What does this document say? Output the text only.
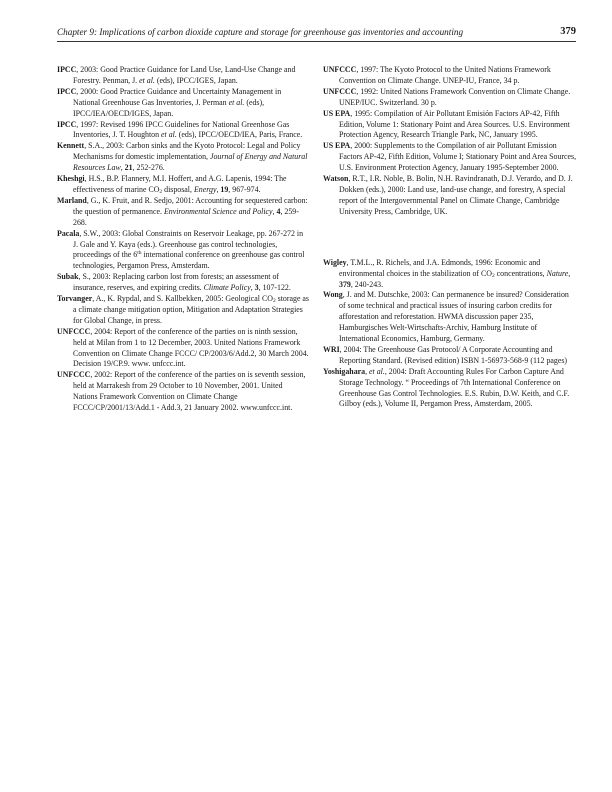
Chapter 9: Implications of carbon dioxide capture and storage for greenhouse gas inventories and accounting	379

IPCC, 2003: Good Practice Guidance for Land Use, Land-Use Change and Forestry. Penman, J. et al. (eds), IPCC/IGES, Japan.

IPCC, 2000: Good Practice Guidance and Uncertainty Management in National Greenhouse Gas Inventories, J. Perman et al. (eds), IPCC/IEA/OECD/IGES, Japan.

IPCC, 1997: Revised 1996 IPCC Guidelines for National Greenhose Gas Inventories, J. T. Houghton et al. (eds), IPCC/OECD/IEA, Paris, France.

Kennett, S.A., 2003: Carbon sinks and the Kyoto Protocol: Legal and Policy Mechanisms for domestic implementation, Journal of Energy and Natural Resources Law, 21, 252-276.

Kheshgi, H.S., B.P. Flannery, M.I. Hoffert, and A.G. Lapenis, 1994: The effectiveness of marine $CO_2$ disposal, Energy, 19, 967-974.

Marland, G., K. Fruit, and R. Sedjo, 2001: Accounting for sequestered carbon: the question of permanence. Environmental Science and Policy, 4, 259-268.

Pacala, S.W., 2003: Global Constraints on Reservoir Leakage, pp. 267-272 in J. Gale and Y. Kaya (eds.). Greenhouse gas control technologies, proceedings of the 6th international conference on greenhouse gas control technologies, Pergamon Press, Amsterdam.

Subak, S., 2003: Replacing carbon lost from forests; an assessment of insurance, reserves, and expiring credits. Climate Policy, 3, 107-122.

Torvanger, A., K. Rypdal, and S. Kallbekken, 2005: Geological $CO_2$ storage as a climate change mitigation option, Mitigation and Adaptation Strategies for Global Change, in press.

UNFCCC, 2004: Report of the conference of the parties on is ninth session, held at Milan from 1 to 12 December, 2003. United Nations Framework Convention on Climate Change FCCC/ CP/2003/6/Add.2, 30 March 2004. Decision 19/CP.9. www. unfccc.int.

UNFCCC, 2002: Report of the conference of the parties on is seventh session, held at Marrakesh from 29 October to 10 November, 2001. United Nations Framework Convention on Climate Change FCCC/CP/2001/13/Add.1 - Add.3, 21 January 2002. www.unfccc.int.

UNFCCC, 1997: The Kyoto Protocol to the United Nations Framework Convention on Climate Change. UNEP-IU, France, 34 p.

UNFCCC, 1992: United Nations Framework Convention on Climate Change. UNEP/IUC. Switzerland. 30 p.

US EPA, 1995: Compilation of Air Pollutant Emisión Factors AP-42, Fifth Edition, Volume 1: Stationary Point and Area Sources. U.S. Environment Protection Agency, Research Triangle Park, NC, January 1995.

US EPA, 2000: Supplements to the Compilation of air Pollutant Emission Factors AP-42, Fifth Edition, Volume I; Stationary Point and Area Sources, U.S. Environment Protection Agency, January 1995-September 2000.

Watson, R.T., I.R. Noble, B. Bolin, N.H. Ravindranath, D.J. Verardo, and D. J. Dokken (eds.), 2000: Land use, land-use change, and forestry, A special report of the Intergovernmental Panel on Climate Change, Cambridge University Press, Cambridge, UK.

Wigley, T.M.L., R. Richels, and J.A. Edmonds, 1996: Economic and environmental choices in the stabilization of $CO_2$ concentrations, Nature, 379, 240-243.

Wong, J. and M. Dutschke, 2003: Can permanence be insured? Consideration of some technical and practical issues of insuring carbon credits for afforestation and reforestation. HWMA discussion paper 235, Hamburgisches Welt-Wirtschafts-Archiv, Hamburg Institute of International Economics, Hamburg, Germany.

WRI, 2004: The Greenhouse Gas Protocol/ A Corporate Accounting and Reporting Standard. (Revised edition) ISBN 1-56973-568-9 (112 pages)

Yoshigahara, et al., 2004: Draft Accounting Rules For Carbon Capture And Storage Technology. “ Proceedings of 7th International Conference on Greenhouse Gas Control Technologies. E.S. Rubin, D.W. Keith, and C.F. Gilboy (eds.), Volume II, Pergamon Press, Amsterdam, 2005.
